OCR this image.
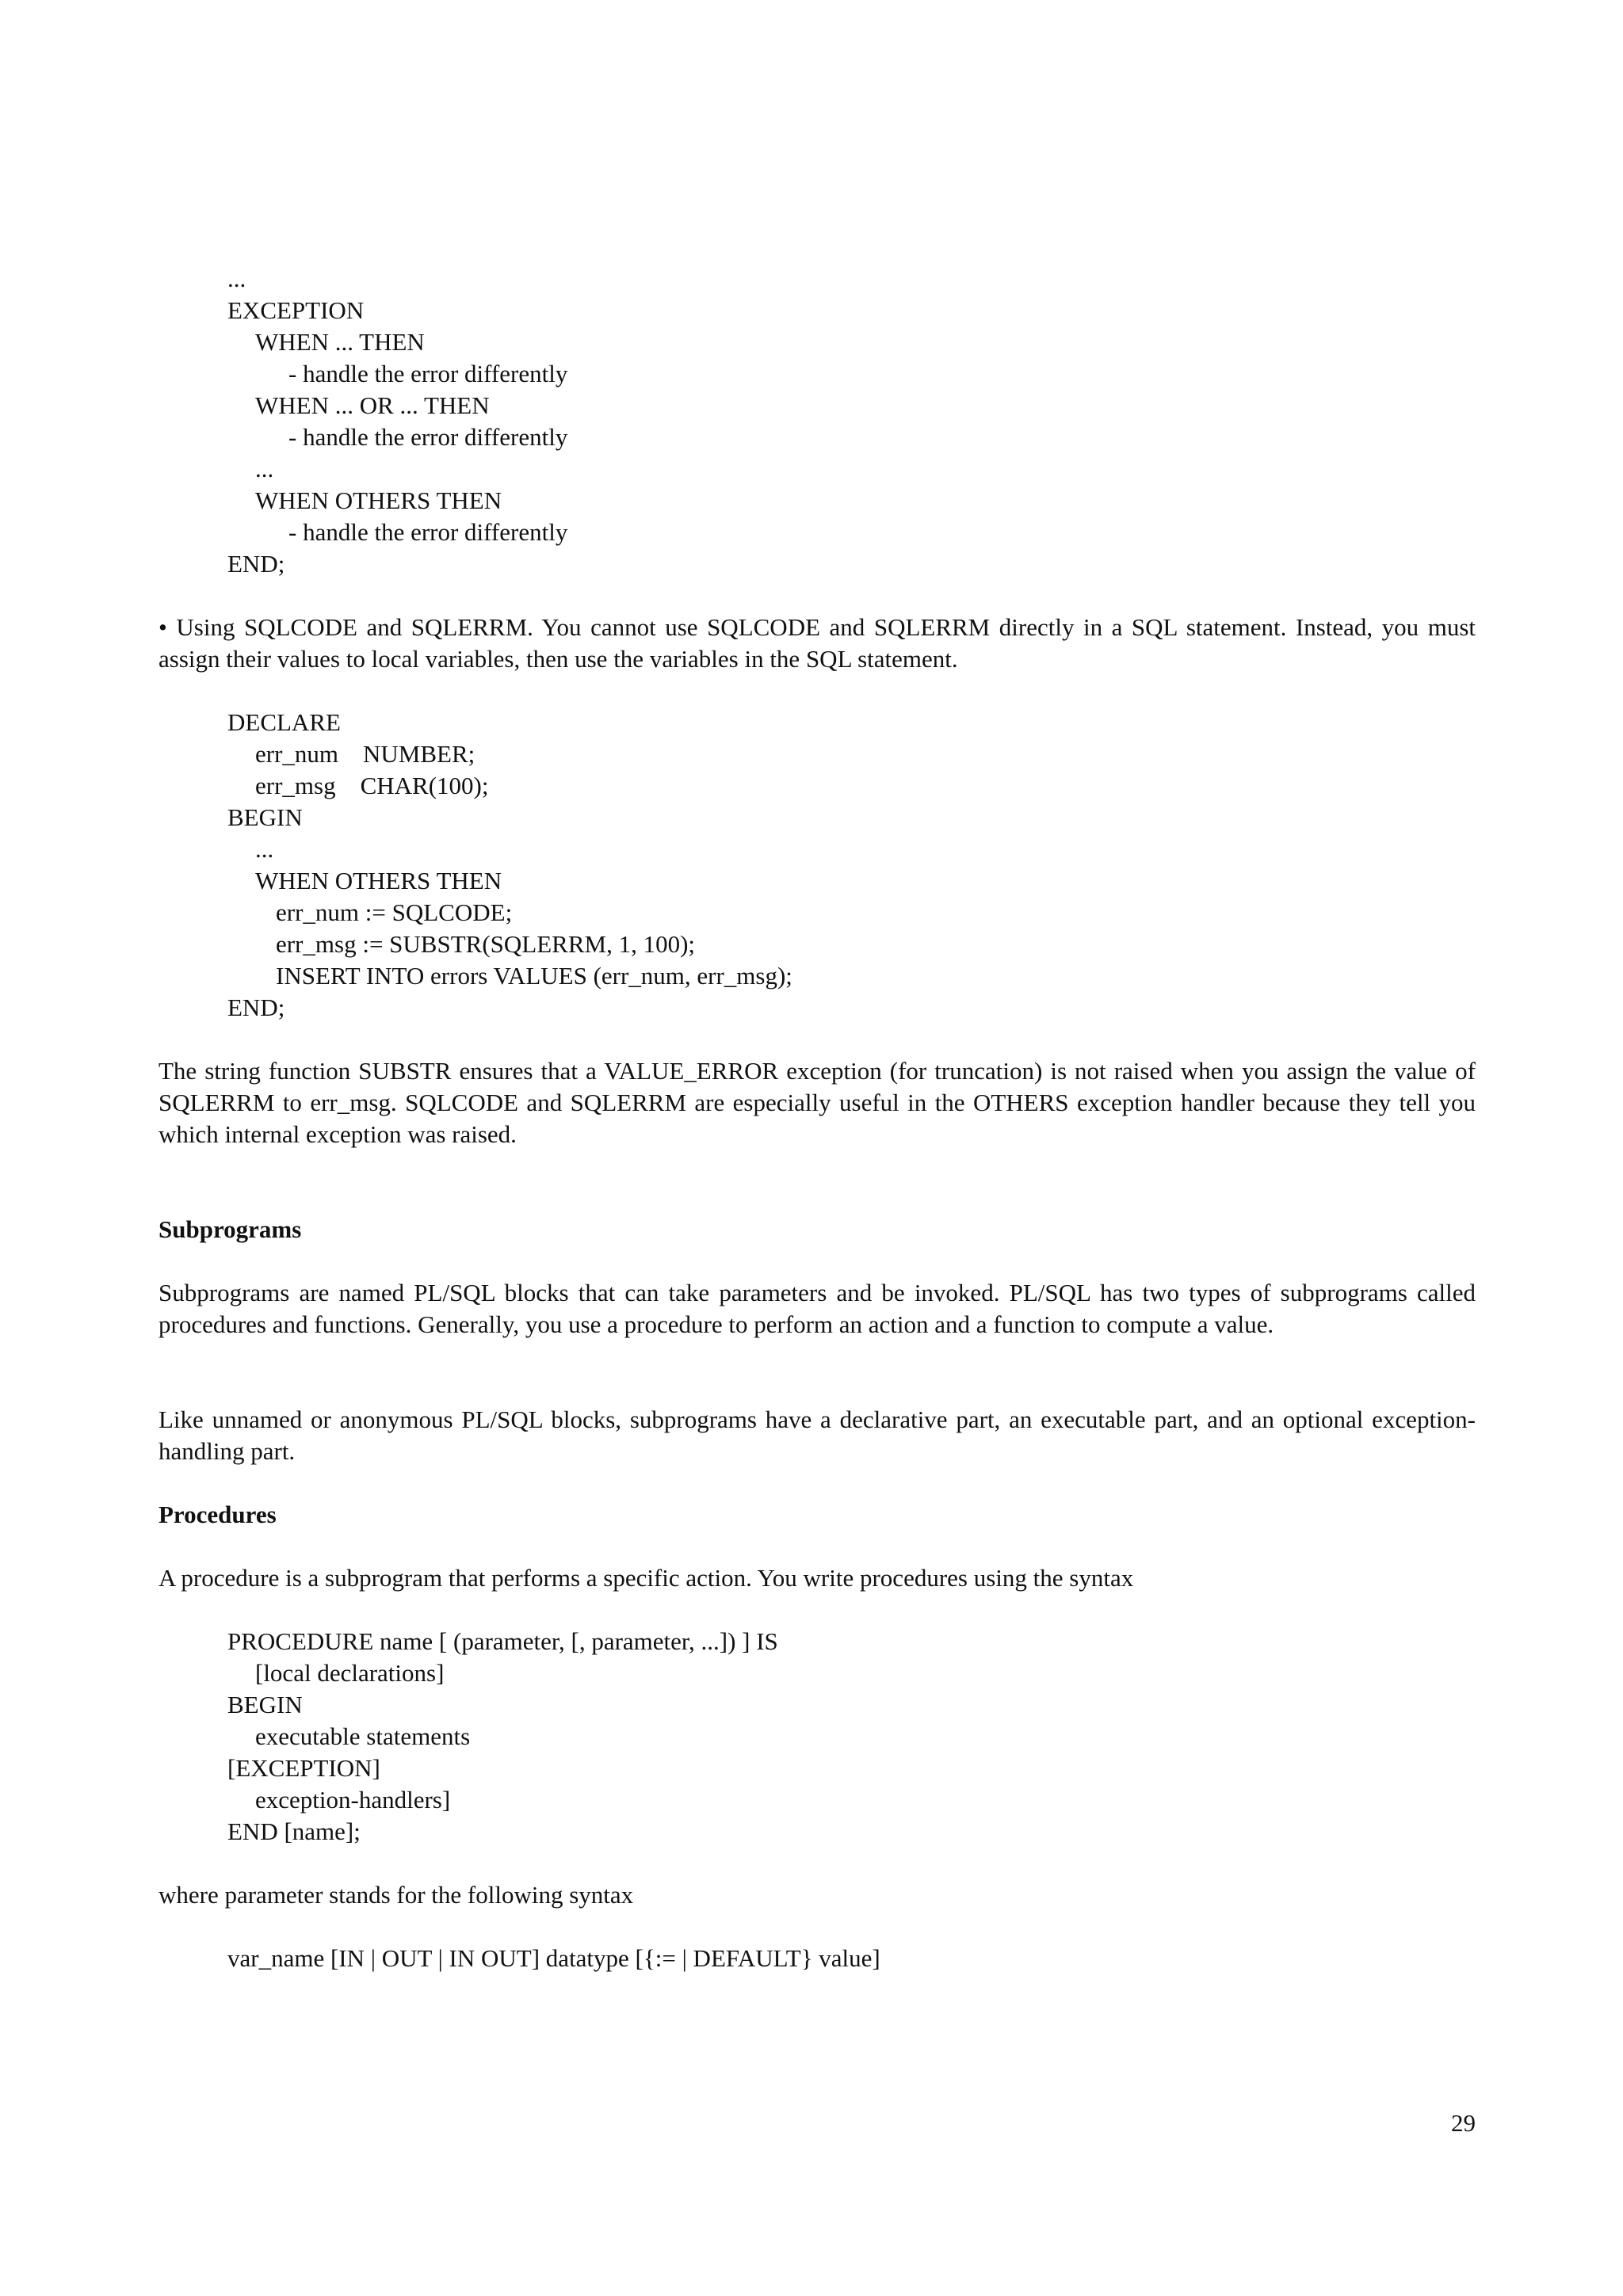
...
EXCEPTION
WHEN ... THEN
- handle the error differently
WHEN ... OR ... THEN
- handle the error differently
...
WHEN OTHERS THEN
- handle the error differently
END;
• Using SQLCODE and SQLERRM. You cannot use SQLCODE and SQLERRM directly in a SQL statement. Instead, you must assign their values to local variables, then use the variables in the SQL statement.
DECLARE
err_num    NUMBER;
err_msg    CHAR(100);
BEGIN
...
WHEN OTHERS THEN
err_num := SQLCODE;
err_msg := SUBSTR(SQLERRM, 1, 100);
INSERT INTO errors VALUES (err_num, err_msg);
END;
The string function SUBSTR ensures that a VALUE_ERROR exception (for truncation) is not raised when you assign the value of SQLERRM to err_msg. SQLCODE and SQLERRM are especially useful in the OTHERS exception handler because they tell you which internal exception was raised.
Subprograms
Subprograms are named PL/SQL blocks that can take parameters and be invoked. PL/SQL has two types of subprograms called procedures and functions. Generally, you use a procedure to perform an action and a function to compute a value.
Like unnamed or anonymous PL/SQL blocks, subprograms have a declarative part, an executable part, and an optional exception-handling part.
Procedures
A procedure is a subprogram that performs a specific action. You write procedures using the syntax
PROCEDURE name [ (parameter, [, parameter, ...]) ] IS
[local declarations]
BEGIN
executable statements
[EXCEPTION]
exception-handlers]
END [name];
where parameter stands for the following syntax
var_name [IN | OUT | IN OUT] datatype [{:= | DEFAULT} value]
29
